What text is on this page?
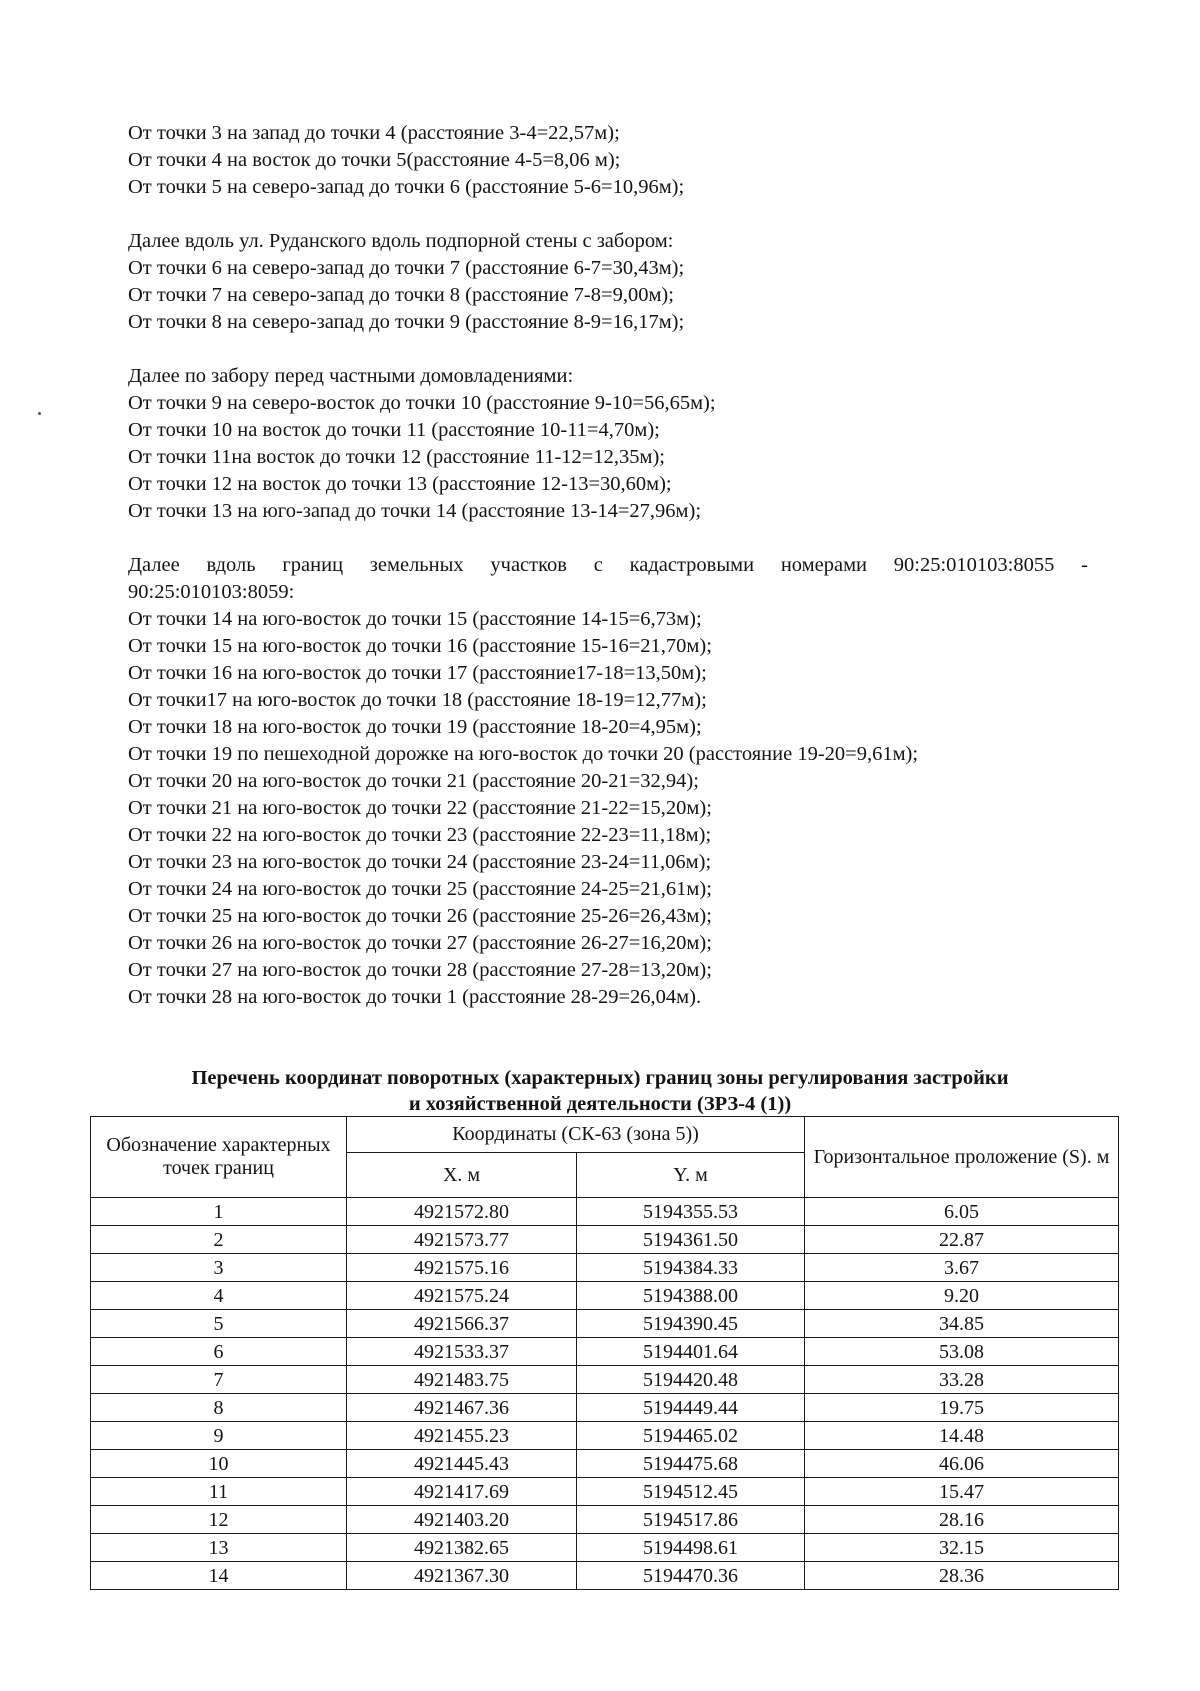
От точки 3 на запад до точки 4 (расстояние 3-4=22,57м);
От точки 4 на восток до точки 5(расстояние 4-5=8,06 м);
От точки 5 на северо-запад до точки 6 (расстояние 5-6=10,96м);
Далее вдоль ул. Руданского вдоль подпорной стены с забором:
От точки 6 на северо-запад до точки 7 (расстояние 6-7=30,43м);
От точки 7 на северо-запад до точки 8 (расстояние 7-8=9,00м);
От точки 8 на северо-запад до точки 9 (расстояние 8-9=16,17м);
Далее по забору перед частными домовладениями:
От точки 9 на северо-восток до точки 10 (расстояние 9-10=56,65м);
От точки 10 на восток до точки 11 (расстояние 10-11=4,70м);
От точки 11на восток до точки 12 (расстояние 11-12=12,35м);
От точки 12 на восток до точки 13 (расстояние 12-13=30,60м);
От точки 13 на юго-запад до точки 14 (расстояние 13-14=27,96м);
Далее вдоль границ земельных участков с кадастровыми номерами 90:25:010103:8055 -
90:25:010103:8059:
От точки 14 на юго-восток до точки 15 (расстояние 14-15=6,73м);
От точки 15 на юго-восток до точки 16 (расстояние 15-16=21,70м);
От точки 16 на юго-восток до точки 17 (расстояние17-18=13,50м);
От точки17 на юго-восток до точки 18 (расстояние 18-19=12,77м);
От точки 18 на юго-восток до точки 19 (расстояние 18-20=4,95м);
От точки 19 по пешеходной дорожке на юго-восток до точки 20 (расстояние 19-20=9,61м);
От точки 20 на юго-восток до точки 21 (расстояние 20-21=32,94);
От точки 21 на юго-восток до точки 22 (расстояние 21-22=15,20м);
От точки 22 на юго-восток до точки 23 (расстояние 22-23=11,18м);
От точки 23 на юго-восток до точки 24 (расстояние 23-24=11,06м);
От точки 24 на юго-восток до точки 25 (расстояние 24-25=21,61м);
От точки 25 на юго-восток до точки 26 (расстояние 25-26=26,43м);
От точки 26 на юго-восток до точки 27 (расстояние 26-27=16,20м);
От точки 27 на юго-восток до точки 28 (расстояние 27-28=13,20м);
От точки 28 на юго-восток до точки 1 (расстояние 28-29=26,04м).
Перечень координат поворотных (характерных) границ зоны регулирования застройки
и хозяйственной деятельности (ЗРЗ-4 (1))
Обозначение характерных точек границ	Координаты (СК-63 (зона 5))		Горизонтальное проложение (S). м
	X. м	Y. м	
1	4921572.80	5194355.53	6.05
2	4921573.77	5194361.50	22.87
3	4921575.16	5194384.33	3.67
4	4921575.24	5194388.00	9.20
5	4921566.37	5194390.45	34.85
6	4921533.37	5194401.64	53.08
7	4921483.75	5194420.48	33.28
8	4921467.36	5194449.44	19.75
9	4921455.23	5194465.02	14.48
10	4921445.43	5194475.68	46.06
11	4921417.69	5194512.45	15.47
12	4921403.20	5194517.86	28.16
13	4921382.65	5194498.61	32.15
14	4921367.30	5194470.36	28.36
